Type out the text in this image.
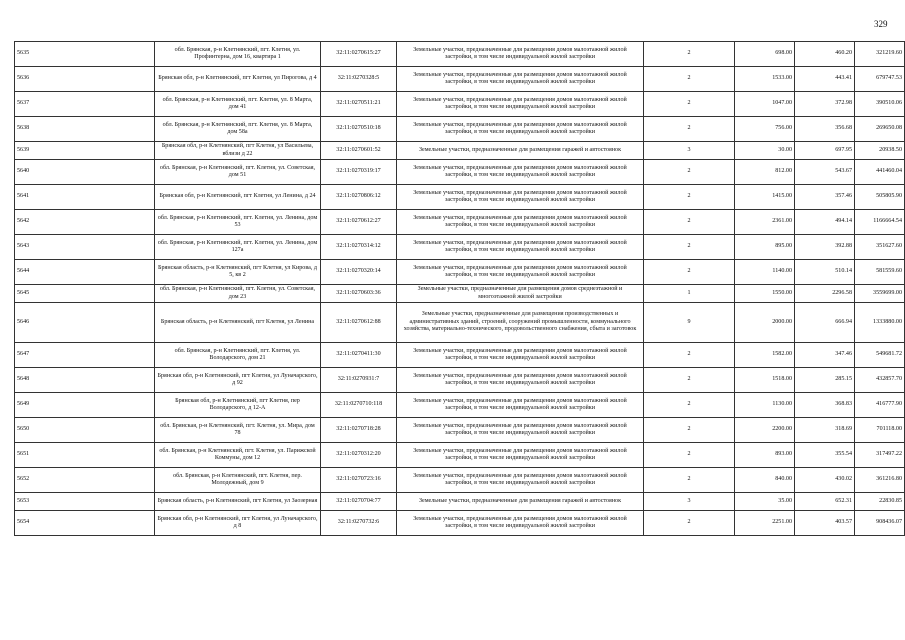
329
5635	обл. Брянская, р-н Клетнянский, пгт. Клетня, ул. Профинтерна, дом 16, квартира 1	32:11:0270615:27	Земельные участки, предназначенные для размещения домов малоэтажной жилой застройки, в том числе индивидуальной жилой застройки	2	698.00	460.20	321219.60
5636	Брянская обл, р-н Клетнянский, пгт Клетня, ул Пирогова, д 4	32:11:0270328:5	Земельные участки, предназначенные для размещения домов малоэтажной жилой застройки, в том числе индивидуальной жилой застройки	2	1533.00	443.41	679747.53
5637	обл. Брянская, р-н Клетнянский, пгт. Клетня, ул. 8 Марта, дом 41	32:11:0270511:21	Земельные участки, предназначенные для размещения домов малоэтажной жилой застройки, в том числе индивидуальной жилой застройки	2	1047.00	372.98	390510.06
5638	обл. Брянская, р-н Клетнянский, пгт. Клетня, ул. 8 Марта, дом 58а	32:11:0270510:18	Земельные участки, предназначенные для размещения домов малоэтажной жилой застройки, в том числе индивидуальной жилой застройки	2	756.00	356.68	269650.08
5639	Брянская обл, р-н Клетнянский, пгт Клетня, ул Васильева, вблизи д 22	32:11:0270601:52	Земельные участки, предназначенные для размещения гаражей и автостоянок	3	30.00	697.95	20938.50
5640	обл. Брянская, р-н Клетнянский, пгт. Клетня, ул. Советская, дом 51	32:11:0270319:17	Земельные участки, предназначенные для размещения домов малоэтажной жилой застройки, в том числе индивидуальной жилой застройки	2	812.00	543.67	441460.04
5641	Брянская обл, р-н Клетнянский, пгт Клетня, ул Ленина, д 24	32:11:0270806:12	Земельные участки, предназначенные для размещения домов малоэтажной жилой застройки, в том числе индивидуальной жилой застройки	2	1415.00	357.46	505805.90
5642	обл. Брянская, р-н Клетнянский, пгт. Клетня, ул. Ленина, дом 53	32:11:0270612:27	Земельные участки, предназначенные для размещения домов малоэтажной жилой застройки, в том числе индивидуальной жилой застройки	2	2361.00	494.14	1166664.54
5643	обл. Брянская, р-н Клетнянский, пгт. Клетня, ул. Ленина, дом 127а	32:11:0270314:12	Земельные участки, предназначенные для размещения домов малоэтажной жилой застройки, в том числе индивидуальной жилой застройки	2	895.00	392.88	351627.60
5644	Брянская область, р-н Клетнянский, пгт Клетня, ул Кирова, д 5, кв 2	32:11:0270320:14	Земельные участки, предназначенные для размещения домов малоэтажной жилой застройки, в том числе индивидуальной жилой застройки	2	1140.00	510.14	581559.60
5645	обл. Брянская, р-н Клетнянский, пгт. Клетня, ул. Советская, дом 23	32:11:0270603:36	Земельные участки, предназначенные для размещения домов среднеэтажной и многоэтажной жилой застройки	1	1550.00	2296.58	3559699.00
5646	Брянская область, р-н Клетнянский, пгт Клетня, ул Ленина	32:11:0270612:88	Земельные участки, предназначенные для размещения производственных и административных зданий, строений, сооружений промышленности, коммунального хозяйства, материально-технического, продовольственного снабжения, сбыта и заготовок	9	2000.00	666.94	1333880.00
5647	обл. Брянская, р-н Клетнянский, пгт. Клетня, ул. Володарского, дом 21	32:11:0270411:30	Земельные участки, предназначенные для размещения домов малоэтажной жилой застройки, в том числе индивидуальной жилой застройки	2	1582.00	347.46	549681.72
5648	Брянская обл, р-н Клетнянский, пгт Клетня, ул Луначарского, д 92	32:11:0270931:7	Земельные участки, предназначенные для размещения домов малоэтажной жилой застройки, в том числе индивидуальной жилой застройки	2	1518.00	285.15	432857.70
5649	Брянская обл, р-н Клетнянский, пгт Клетня, пер Володарского, д 12-А	32:11:0270710:118	Земельные участки, предназначенные для размещения домов малоэтажной жилой застройки, в том числе индивидуальной жилой застройки	2	1130.00	368.83	416777.90
5650	обл. Брянская, р-н Клетнянский, пгт. Клетня, ул. Мира, дом 78	32:11:0270718:28	Земельные участки, предназначенные для размещения домов малоэтажной жилой застройки, в том числе индивидуальной жилой застройки	2	2200.00	318.69	701118.00
5651	обл. Брянская, р-н Клетнянский, пгт. Клетня, ул. Парижской Коммуны, дом 12	32:11:0270312:20	Земельные участки, предназначенные для размещения домов малоэтажной жилой застройки, в том числе индивидуальной жилой застройки	2	893.00	355.54	317497.22
5652	обл. Брянская, р-н Клетнянский, пгт. Клетня, пер. Молодежный, дом 9	32:11:0270723:16	Земельные участки, предназначенные для размещения домов малоэтажной жилой застройки, в том числе индивидуальной жилой застройки	2	840.00	430.02	361216.80
5653	Брянская область, р-н Клетнянский, пгт Клетня, ул Заозерная	32:11:0270704:77	Земельные участки, предназначенные для размещения гаражей и автостоянок	3	35.00	652.31	22830.85
5654	Брянская обл, р-н Клетнянский, пгт Клетня, ул Луначарского, д 8	32:11:0270732:6	Земельные участки, предназначенные для размещения домов малоэтажной жилой застройки, в том числе индивидуальной жилой застройки	2	2251.00	403.57	908436.07
